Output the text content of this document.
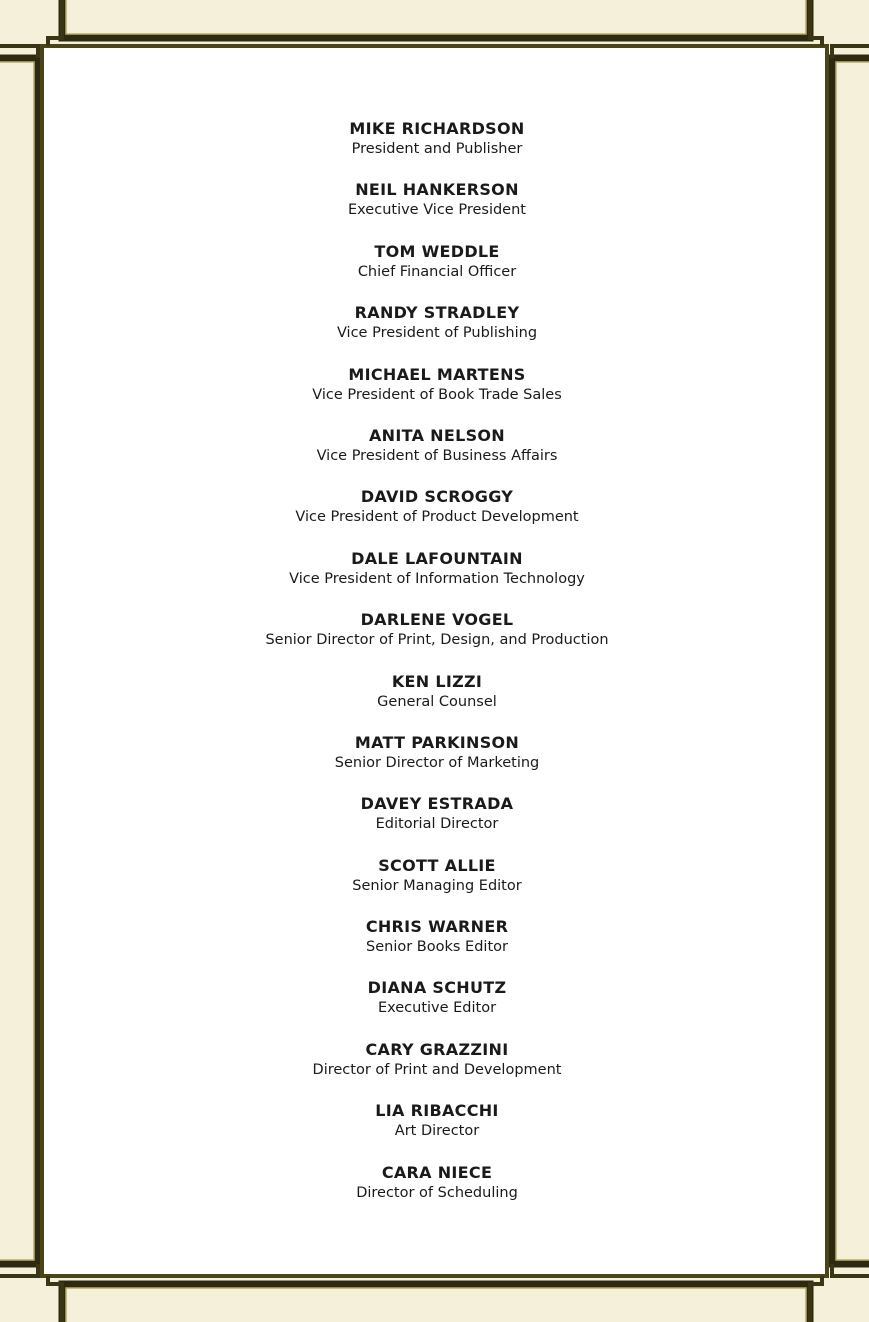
MIKE RICHARDSON
President and Publisher
NEIL HANKERSON
Executive Vice President
TOM WEDDLE
Chief Financial Officer
RANDY STRADLEY
Vice President of Publishing
MICHAEL MARTENS
Vice President of Book Trade Sales
ANITA NELSON
Vice President of Business Affairs
DAVID SCROGGY
Vice President of Product Development
DALE LAFOUNTAIN
Vice President of Information Technology
DARLENE VOGEL
Senior Director of Print, Design, and Production
KEN LIZZI
General Counsel
MATT PARKINSON
Senior Director of Marketing
DAVEY ESTRADA
Editorial Director
SCOTT ALLIE
Senior Managing Editor
CHRIS WARNER
Senior Books Editor
DIANA SCHUTZ
Executive Editor
CARY GRAZZINI
Director of Print and Development
LIA RIBACCHI
Art Director
CARA NIECE
Director of Scheduling
